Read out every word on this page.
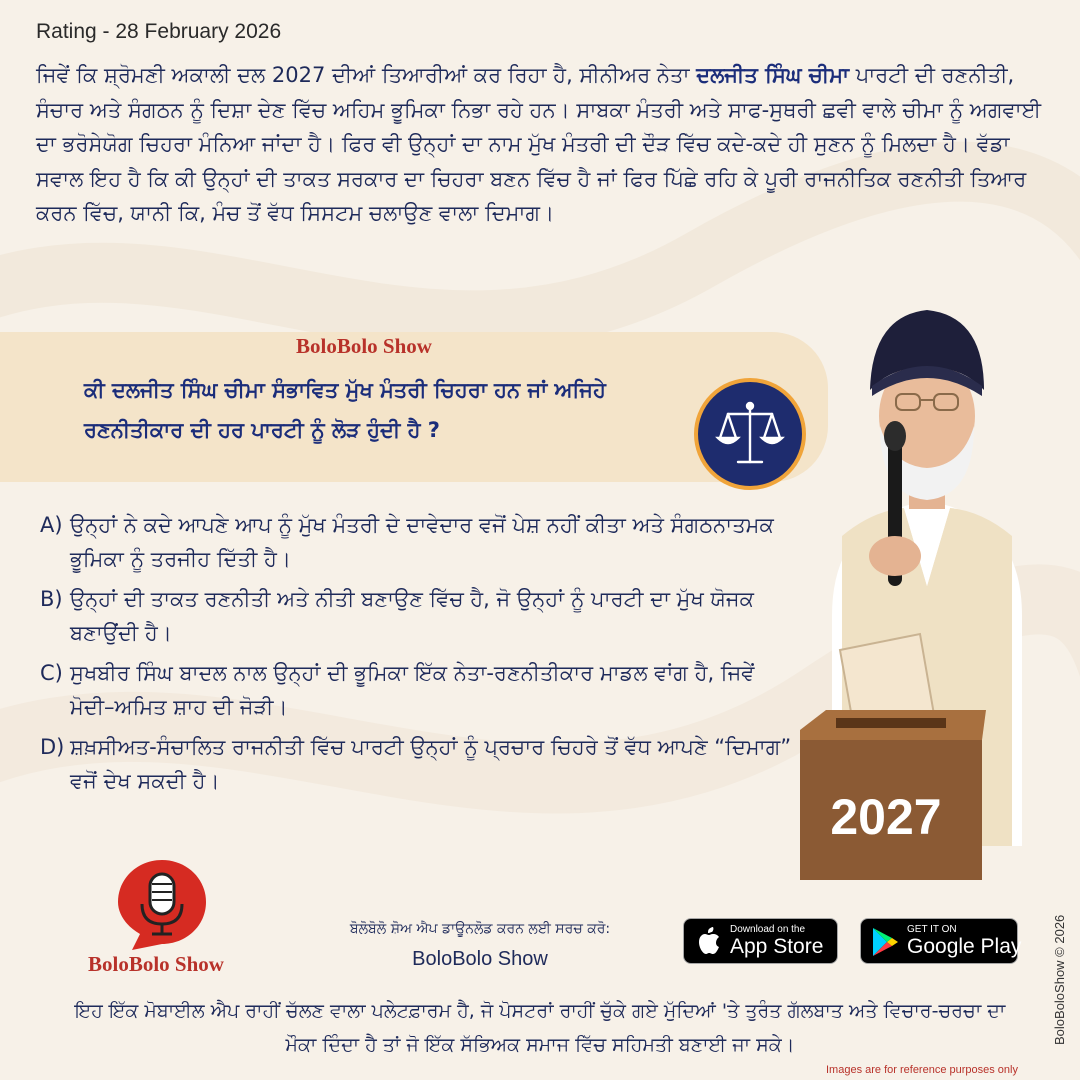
Rating - 28 February 2026

ਜਿਵੇਂ ਕਿ ਸ਼੍ਰੋਮਣੀ ਅਕਾਲੀ ਦਲ 2027 ਦੀਆਂ ਤਿਆਰੀਆਂ ਕਰ ਰਿਹਾ ਹੈ, ਸੀਨੀਅਰ ਨੇਤਾ ਦਲਜੀਤ ਸਿੰਘ ਚੀਮਾ ਪਾਰਟੀ ਦੀ ਰਣਨੀਤੀ, ਸੰਚਾਰ ਅਤੇ ਸੰਗਠਨ ਨੂੰ ਦਿਸ਼ਾ ਦੇਣ ਵਿੱਚ ਅਹਿਮ ਭੂਮਿਕਾ ਨਿਭਾ ਰਹੇ ਹਨ। ਸਾਬਕਾ ਮੰਤਰੀ ਅਤੇ ਸਾਫ-ਸੁਥਰੀ ਛਵੀ ਵਾਲੇ ਚੀਮਾ ਨੂੰ ਅਗਵਾਈ ਦਾ ਭਰੋਸੇਯੋਗ ਚਿਹਰਾ ਮੰਨਿਆ ਜਾਂਦਾ ਹੈ। ਫਿਰ ਵੀ ਉਨ੍ਹਾਂ ਦਾ ਨਾਮ ਮੁੱਖ ਮੰਤਰੀ ਦੀ ਦੌੜ ਵਿੱਚ ਕਦੇ-ਕਦੇ ਹੀ ਸੁਣਨ ਨੂੰ ਮਿਲਦਾ ਹੈ। ਵੱਡਾ ਸਵਾਲ ਇਹ ਹੈ ਕਿ ਕੀ ਉਨ੍ਹਾਂ ਦੀ ਤਾਕਤ ਸਰਕਾਰ ਦਾ ਚਿਹਰਾ ਬਣਨ ਵਿੱਚ ਹੈ ਜਾਂ ਫਿਰ ਪਿੱਛੇ ਰਹਿ ਕੇ ਪੂਰੀ ਰਾਜਨੀਤਿਕ ਰਣਨੀਤੀ ਤਿਆਰ ਕਰਨ ਵਿੱਚ, ਯਾਨੀ ਕਿ, ਮੰਚ ਤੋਂ ਵੱਧ ਸਿਸਟਮ ਚਲਾਉਣ ਵਾਲਾ ਦਿਮਾਗ।

BoloBolo Show
ਕੀ ਦਲਜੀਤ ਸਿੰਘ ਚੀਮਾ ਸੰਭਾਵਿਤ ਮੁੱਖ ਮੰਤਰੀ ਚਿਹਰਾ ਹਨ ਜਾਂ ਅਜਿਹੇ ਰਣਨੀਤੀਕਾਰ ਦੀ ਹਰ ਪਾਰਟੀ ਨੂੰ ਲੋੜ ਹੁੰਦੀ ਹੈ ?
A) ਉਨ੍ਹਾਂ ਨੇ ਕਦੇ ਆਪਣੇ ਆਪ ਨੂੰ ਮੁੱਖ ਮੰਤਰੀ ਦੇ ਦਾਵੇਦਾਰ ਵਜੋਂ ਪੇਸ਼ ਨਹੀਂ ਕੀਤਾ ਅਤੇ ਸੰਗਠਨਾਤਮਕ ਭੂਮਿਕਾ ਨੂੰ ਤਰਜੀਹ ਦਿੱਤੀ ਹੈ।
B) ਉਨ੍ਹਾਂ ਦੀ ਤਾਕਤ ਰਣਨੀਤੀ ਅਤੇ ਨੀਤੀ ਬਣਾਉਣ ਵਿੱਚ ਹੈ, ਜੋ ਉਨ੍ਹਾਂ ਨੂੰ ਪਾਰਟੀ ਦਾ ਮੁੱਖ ਯੋਜਕ ਬਣਾਉਂਦੀ ਹੈ।
C) ਸੁਖਬੀਰ ਸਿੰਘ ਬਾਦਲ ਨਾਲ ਉਨ੍ਹਾਂ ਦੀ ਭੂਮਿਕਾ ਇੱਕ ਨੇਤਾ-ਰਣਨੀਤੀਕਾਰ ਮਾਡਲ ਵਾਂਗ ਹੈ, ਜਿਵੇਂ ਮੋਦੀ–ਅਮਿਤ ਸ਼ਾਹ ਦੀ ਜੋੜੀ।
D) ਸ਼ਖ਼ਸੀਅਤ-ਸੰਚਾਲਿਤ ਰਾਜਨੀਤੀ ਵਿੱਚ ਪਾਰਟੀ ਉਨ੍ਹਾਂ ਨੂੰ ਪ੍ਰਚਾਰ ਚਿਹਰੇ ਤੋਂ ਵੱਧ ਆਪਣੇ “ਦਿਮਾਗ” ਵਜੋਂ ਦੇਖ ਸਕਦੀ ਹੈ।
2027
BoloBolo Show
ਬੋਲੋਬੋਲੋ ਸ਼ੋਅ ਐਪ ਡਾਊਨਲੋਡ ਕਰਨ ਲਈ ਸਰਚ ਕਰੋ:
BoloBolo Show
Download on the
App Store
GET IT ON
Google Play
ਇਹ ਇੱਕ ਮੋਬਾਈਲ ਐਪ ਰਾਹੀਂ ਚੱਲਣ ਵਾਲਾ ਪਲੇਟਫ਼ਾਰਮ ਹੈ, ਜੋ ਪੋਸਟਰਾਂ ਰਾਹੀਂ ਚੁੱਕੇ ਗਏ ਮੁੱਦਿਆਂ 'ਤੇ ਤੁਰੰਤ ਗੱਲਬਾਤ ਅਤੇ ਵਿਚਾਰ-ਚਰਚਾ ਦਾ ਮੌਕਾ ਦਿੰਦਾ ਹੈ ਤਾਂ ਜੋ ਇੱਕ ਸੱਭਿਅਕ ਸਮਾਜ ਵਿੱਚ ਸਹਿਮਤੀ ਬਣਾਈ ਜਾ ਸਕੇ।	BoloBoloShow © 2026
Images are for reference purposes only
